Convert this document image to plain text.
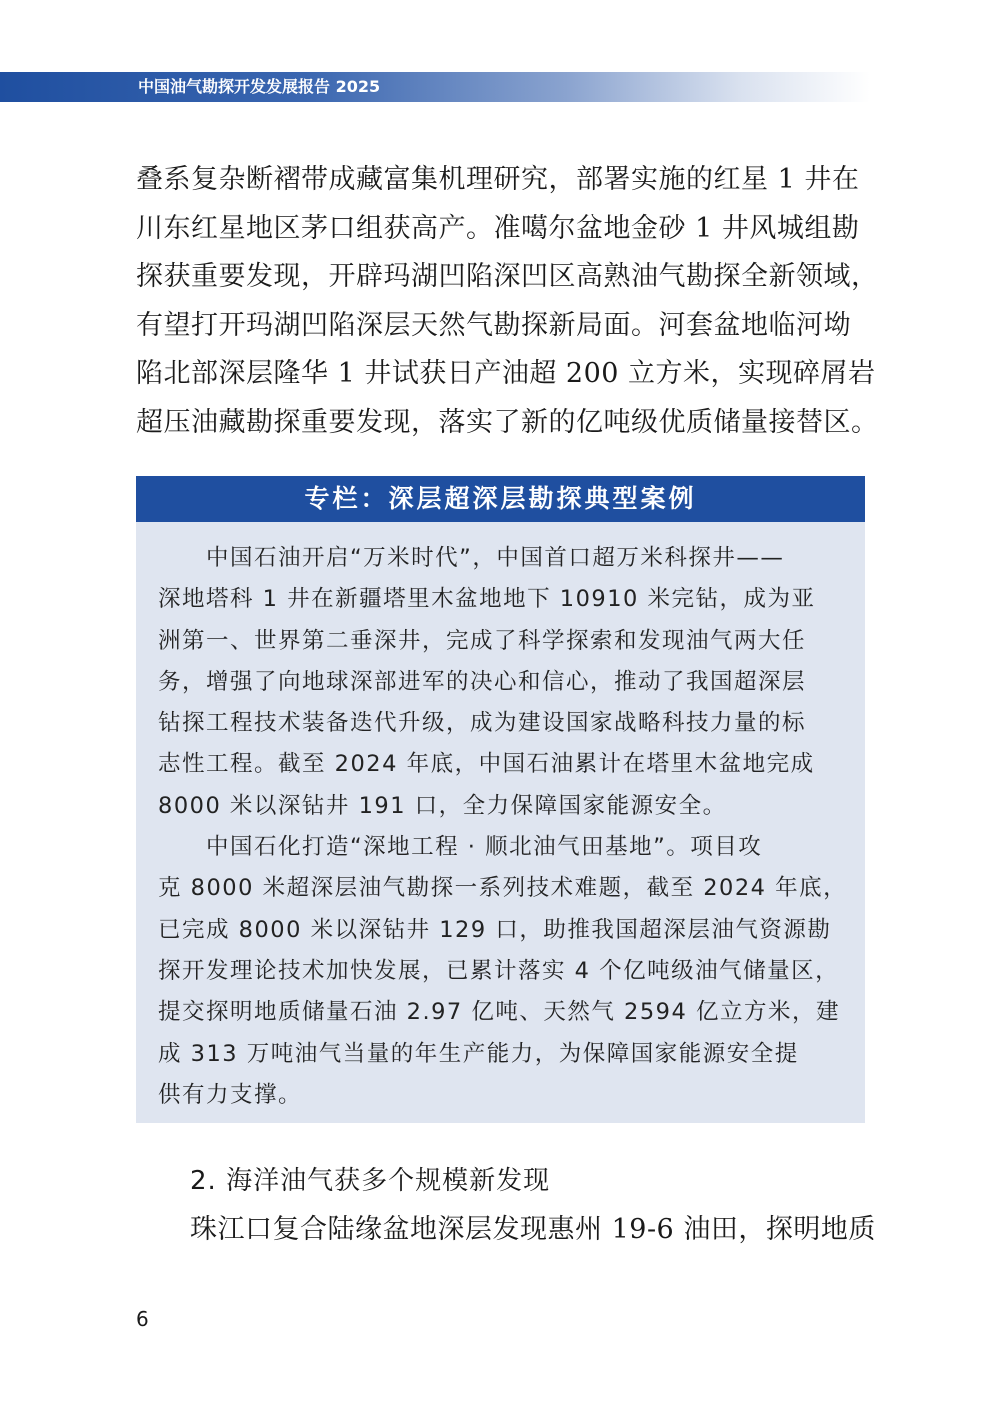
中国油气勘探开发发展报告 2025
叠系复杂断褶带成藏富集机理研究，部署实施的红星 1 井在
川东红星地区茅口组获高产。准噶尔盆地金砂 1 井风城组勘
探获重要发现，开辟玛湖凹陷深凹区高熟油气勘探全新领域，
有望打开玛湖凹陷深层天然气勘探新局面。河套盆地临河坳
陷北部深层隆华 1 井试获日产油超 200 立方米，实现碎屑岩
超压油藏勘探重要发现，落实了新的亿吨级优质储量接替区。
专栏：深层超深层勘探典型案例
　　中国石油开启“万米时代”，中国首口超万米科探井——
深地塔科 1 井在新疆塔里木盆地地下 10910 米完钻，成为亚
洲第一、世界第二垂深井，完成了科学探索和发现油气两大任
务，增强了向地球深部进军的决心和信心，推动了我国超深层
钻探工程技术装备迭代升级，成为建设国家战略科技力量的标
志性工程。截至 2024 年底，中国石油累计在塔里木盆地完成
8000 米以深钻井 191 口，全力保障国家能源安全。
　　中国石化打造“深地工程 · 顺北油气田基地”。项目攻
克 8000 米超深层油气勘探一系列技术难题，截至 2024 年底，
已完成 8000 米以深钻井 129 口，助推我国超深层油气资源勘
探开发理论技术加快发展，已累计落实 4 个亿吨级油气储量区，
提交探明地质储量石油 2.97 亿吨、天然气 2594 亿立方米，建
成 313 万吨油气当量的年生产能力，为保障国家能源安全提
供有力支撑。
2. 海洋油气获多个规模新发现
珠江口复合陆缘盆地深层发现惠州 19-6 油田，探明地质
6
